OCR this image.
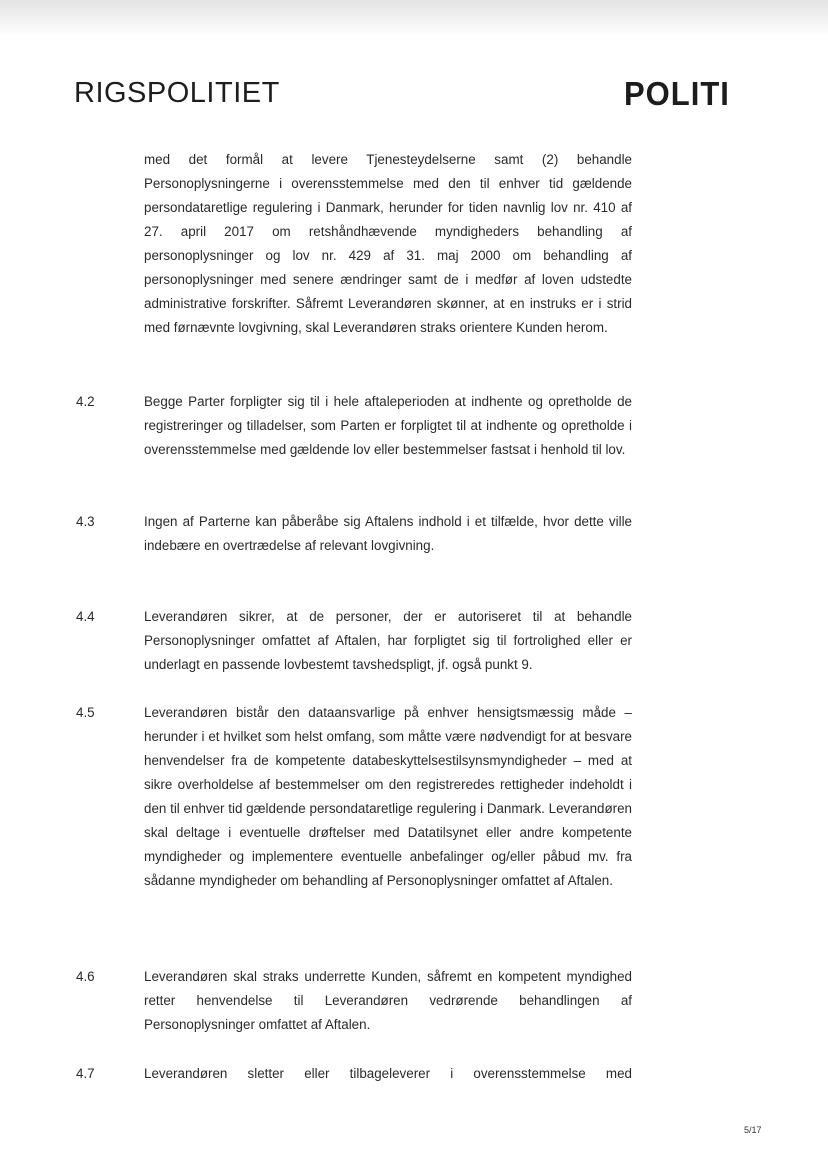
RIGSPOLITIET	POLITI

med det formål at levere Tjenesteydelserne samt (2) behandle Personoplysningerne i overensstemmelse med den til enhver tid gældende persondataretlige regulering i Danmark, herunder for tiden navnlig lov nr. 410 af 27. april 2017 om retshåndhævende myndigheders behandling af personoplysninger og lov nr. 429 af 31. maj 2000 om behandling af personoplysninger med senere ændringer samt de i medfør af loven udstedte administrative forskrifter. Såfremt Leverandøren skønner, at en instruks er i strid med førnævnte lovgivning, skal Leverandøren straks orientere Kunden herom.

4.2	Begge Parter forpligter sig til i hele aftaleperioden at indhente og opretholde de registreringer og tilladelser, som Parten er forpligtet til at indhente og opretholde i overensstemmelse med gældende lov eller bestemmelser fastsat i henhold til lov.

4.3	Ingen af Parterne kan påberåbe sig Aftalens indhold i et tilfælde, hvor dette ville indebære en overtrædelse af relevant lovgivning.

4.4	Leverandøren sikrer, at de personer, der er autoriseret til at behandle Personoplysninger omfattet af Aftalen, har forpligtet sig til fortrolighed eller er underlagt en passende lovbestemt tavshedspligt, jf. også punkt 9.

4.5	Leverandøren bistår den dataansvarlige på enhver hensigtsmæssig måde – herunder i et hvilket som helst omfang, som måtte være nødvendigt for at besvare henvendelser fra de kompetente databeskyttelsestilsynsmyndigheder – med at sikre overholdelse af bestemmelser om den registreredes rettigheder indeholdt i den til enhver tid gældende persondataretlige regulering i Danmark. Leverandøren skal deltage i eventuelle drøftelser med Datatilsynet eller andre kompetente myndigheder og implementere eventuelle anbefalinger og/eller påbud mv. fra sådanne myndigheder om behandling af Personoplysninger omfattet af Aftalen.

4.6	Leverandøren skal straks underrette Kunden, såfremt en kompetent myndighed retter henvendelse til Leverandøren vedrørende behandlingen af Personoplysninger omfattet af Aftalen.

4.7	Leverandøren sletter eller tilbageleverer i overensstemmelse med

5/17
